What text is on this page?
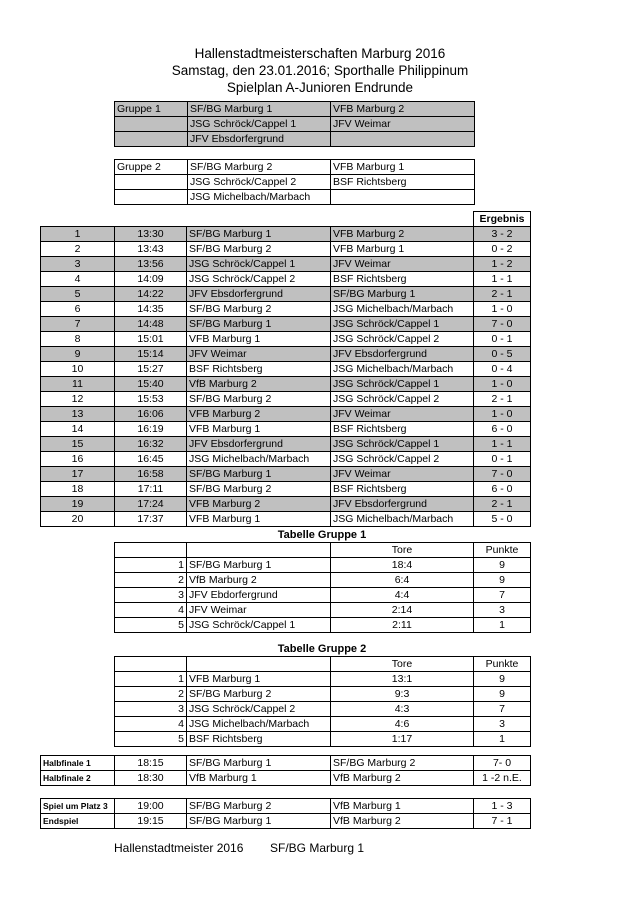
Hallenstadtmeisterschaften Marburg 2016
Samstag, den 23.01.2016; Sporthalle Philippinum
Spielplan A-Junioren Endrunde
Gruppe 1	SF/BG Marburg 1	VFB Marburg 2
	JSG Schröck/Cappel 1	JFV Weimar
	JFV Ebsdorfergrund	
Gruppe 2	SF/BG Marburg 2	VFB Marburg 1
	JSG Schröck/Cappel 2	BSF Richtsberg
	JSG Michelbach/Marbach	
				Ergebnis
1	13:30	SF/BG Marburg 1	VFB Marburg 2	3 - 2
2	13:43	SF/BG Marburg 2	VFB Marburg 1	0 - 2
3	13:56	JSG Schröck/Cappel 1	JFV Weimar	1 - 2
4	14:09	JSG Schröck/Cappel 2	BSF Richtsberg	1 - 1
5	14:22	JFV Ebsdorfergrund	SF/BG Marburg 1	2 - 1
6	14:35	SF/BG Marburg 2	JSG Michelbach/Marbach	1 - 0
7	14:48	SF/BG Marburg 1	JSG Schröck/Cappel 1	7 - 0
8	15:01	VFB Marburg 1	JSG Schröck/Cappel 2	0 - 1
9	15:14	JFV Weimar	JFV Ebsdorfergrund	0 - 5
10	15:27	BSF Richtsberg	JSG Michelbach/Marbach	0 - 4
11	15:40	VfB Marburg 2	JSG Schröck/Cappel 1	1 - 0
12	15:53	SF/BG Marburg 2	JSG Schröck/Cappel 2	2 - 1
13	16:06	VFB Marburg 2	JFV Weimar	1 - 0
14	16:19	VFB Marburg 1	BSF Richtsberg	6 - 0
15	16:32	JFV Ebsdorfergrund	JSG Schröck/Cappel 1	1 - 1
16	16:45	JSG Michelbach/Marbach	JSG Schröck/Cappel 2	0 - 1
17	16:58	SF/BG Marburg 1	JFV Weimar	7 - 0
18	17:11	SF/BG Marburg 2	BSF Richtsberg	6 - 0
19	17:24	VFB Marburg 2	JFV Ebsdorfergrund	2 - 1
20	17:37	VFB Marburg 1	JSG Michelbach/Marbach	5 - 0
Tabelle Gruppe 1
		Tore	Punkte
1	SF/BG Marburg 1	18:4	9
2	VfB Marburg 2	6:4	9
3	JFV Ebdorfergrund	4:4	7
4	JFV Weimar	2:14	3
5	JSG Schröck/Cappel 1	2:11	1
Tabelle Gruppe 2
		Tore	Punkte
1	VFB Marburg 1	13:1	9
2	SF/BG Marburg 2	9:3	9
3	JSG Schröck/Cappel 2	4:3	7
4	JSG Michelbach/Marbach	4:6	3
5	BSF Richtsberg	1:17	1
Halbfinale 1	18:15	SF/BG Marburg 1	SF/BG Marburg 2	7- 0
Halbfinale 2	18:30	VfB Marburg 1	VfB Marburg 2	1 -2 n.E.
Spiel um Platz 3	19:00	SF/BG Marburg 2	VfB Marburg 1	1 - 3
Endspiel	19:15	SF/BG Marburg 1	VfB Marburg 2	7 - 1
Hallenstadtmeister 2016 SF/BG Marburg 1
